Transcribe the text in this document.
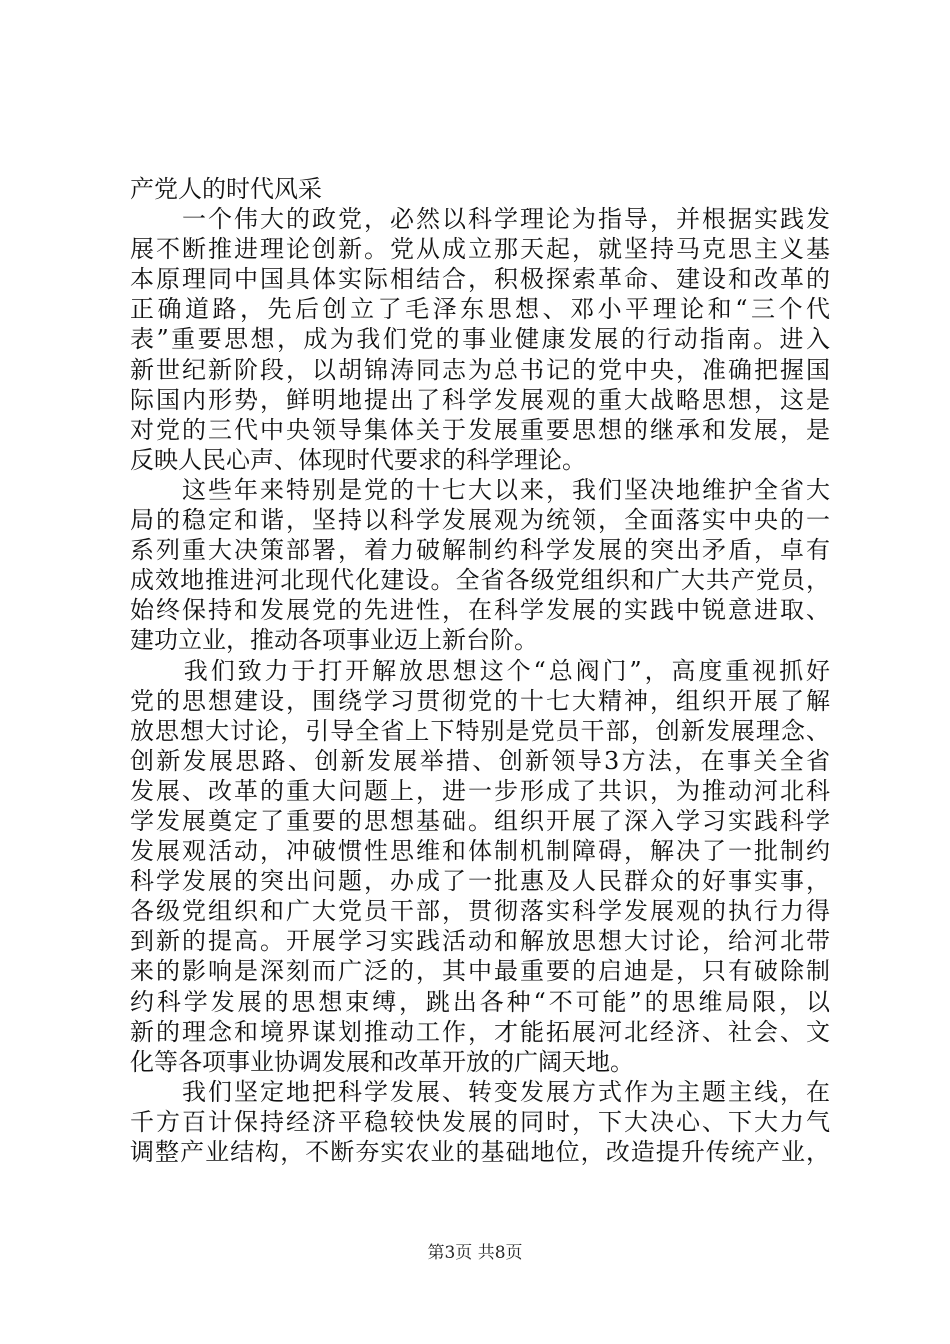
产党人的时代风采
　　一个伟大的政党，必然以科学理论为指导，并根据实践发
展不断推进理论创新。党从成立那天起，就坚持马克思主义基
本原理同中国具体实际相结合，积极探索革命、建设和改革的
正确道路，先后创立了毛泽东思想、邓小平理论和“三个代
表”重要思想，成为我们党的事业健康发展的行动指南。进入
新世纪新阶段，以胡锦涛同志为总书记的党中央，准确把握国
际国内形势，鲜明地提出了科学发展观的重大战略思想，这是
对党的三代中央领导集体关于发展重要思想的继承和发展，是
反映人民心声、体现时代要求的科学理论。
　　这些年来特别是党的十七大以来，我们坚决地维护全省大
局的稳定和谐，坚持以科学发展观为统领，全面落实中央的一
系列重大决策部署，着力破解制约科学发展的突出矛盾，卓有
成效地推进河北现代化建设。全省各级党组织和广大共产党员，
始终保持和发展党的先进性，在科学发展的实践中锐意进取、
建功立业，推动各项事业迈上新台阶。
　　我们致力于打开解放思想这个“总阀门”，高度重视抓好
党的思想建设，围绕学习贯彻党的十七大精神，组织开展了解
放思想大讨论，引导全省上下特别是党员干部，创新发展理念、
创新发展思路、创新发展举措、创新领导3方法，在事关全省
发展、改革的重大问题上，进一步形成了共识，为推动河北科
学发展奠定了重要的思想基础。组织开展了深入学习实践科学
发展观活动，冲破惯性思维和体制机制障碍，解决了一批制约
科学发展的突出问题，办成了一批惠及人民群众的好事实事，
各级党组织和广大党员干部，贯彻落实科学发展观的执行力得
到新的提高。开展学习实践活动和解放思想大讨论，给河北带
来的影响是深刻而广泛的，其中最重要的启迪是，只有破除制
约科学发展的思想束缚，跳出各种“不可能”的思维局限，以
新的理念和境界谋划推动工作，才能拓展河北经济、社会、文
化等各项事业协调发展和改革开放的广阔天地。
　　我们坚定地把科学发展、转变发展方式作为主题主线，在
千方百计保持经济平稳较快发展的同时，下大决心、下大力气
调整产业结构，不断夯实农业的基础地位，改造提升传统产业，
第3页 共8页
